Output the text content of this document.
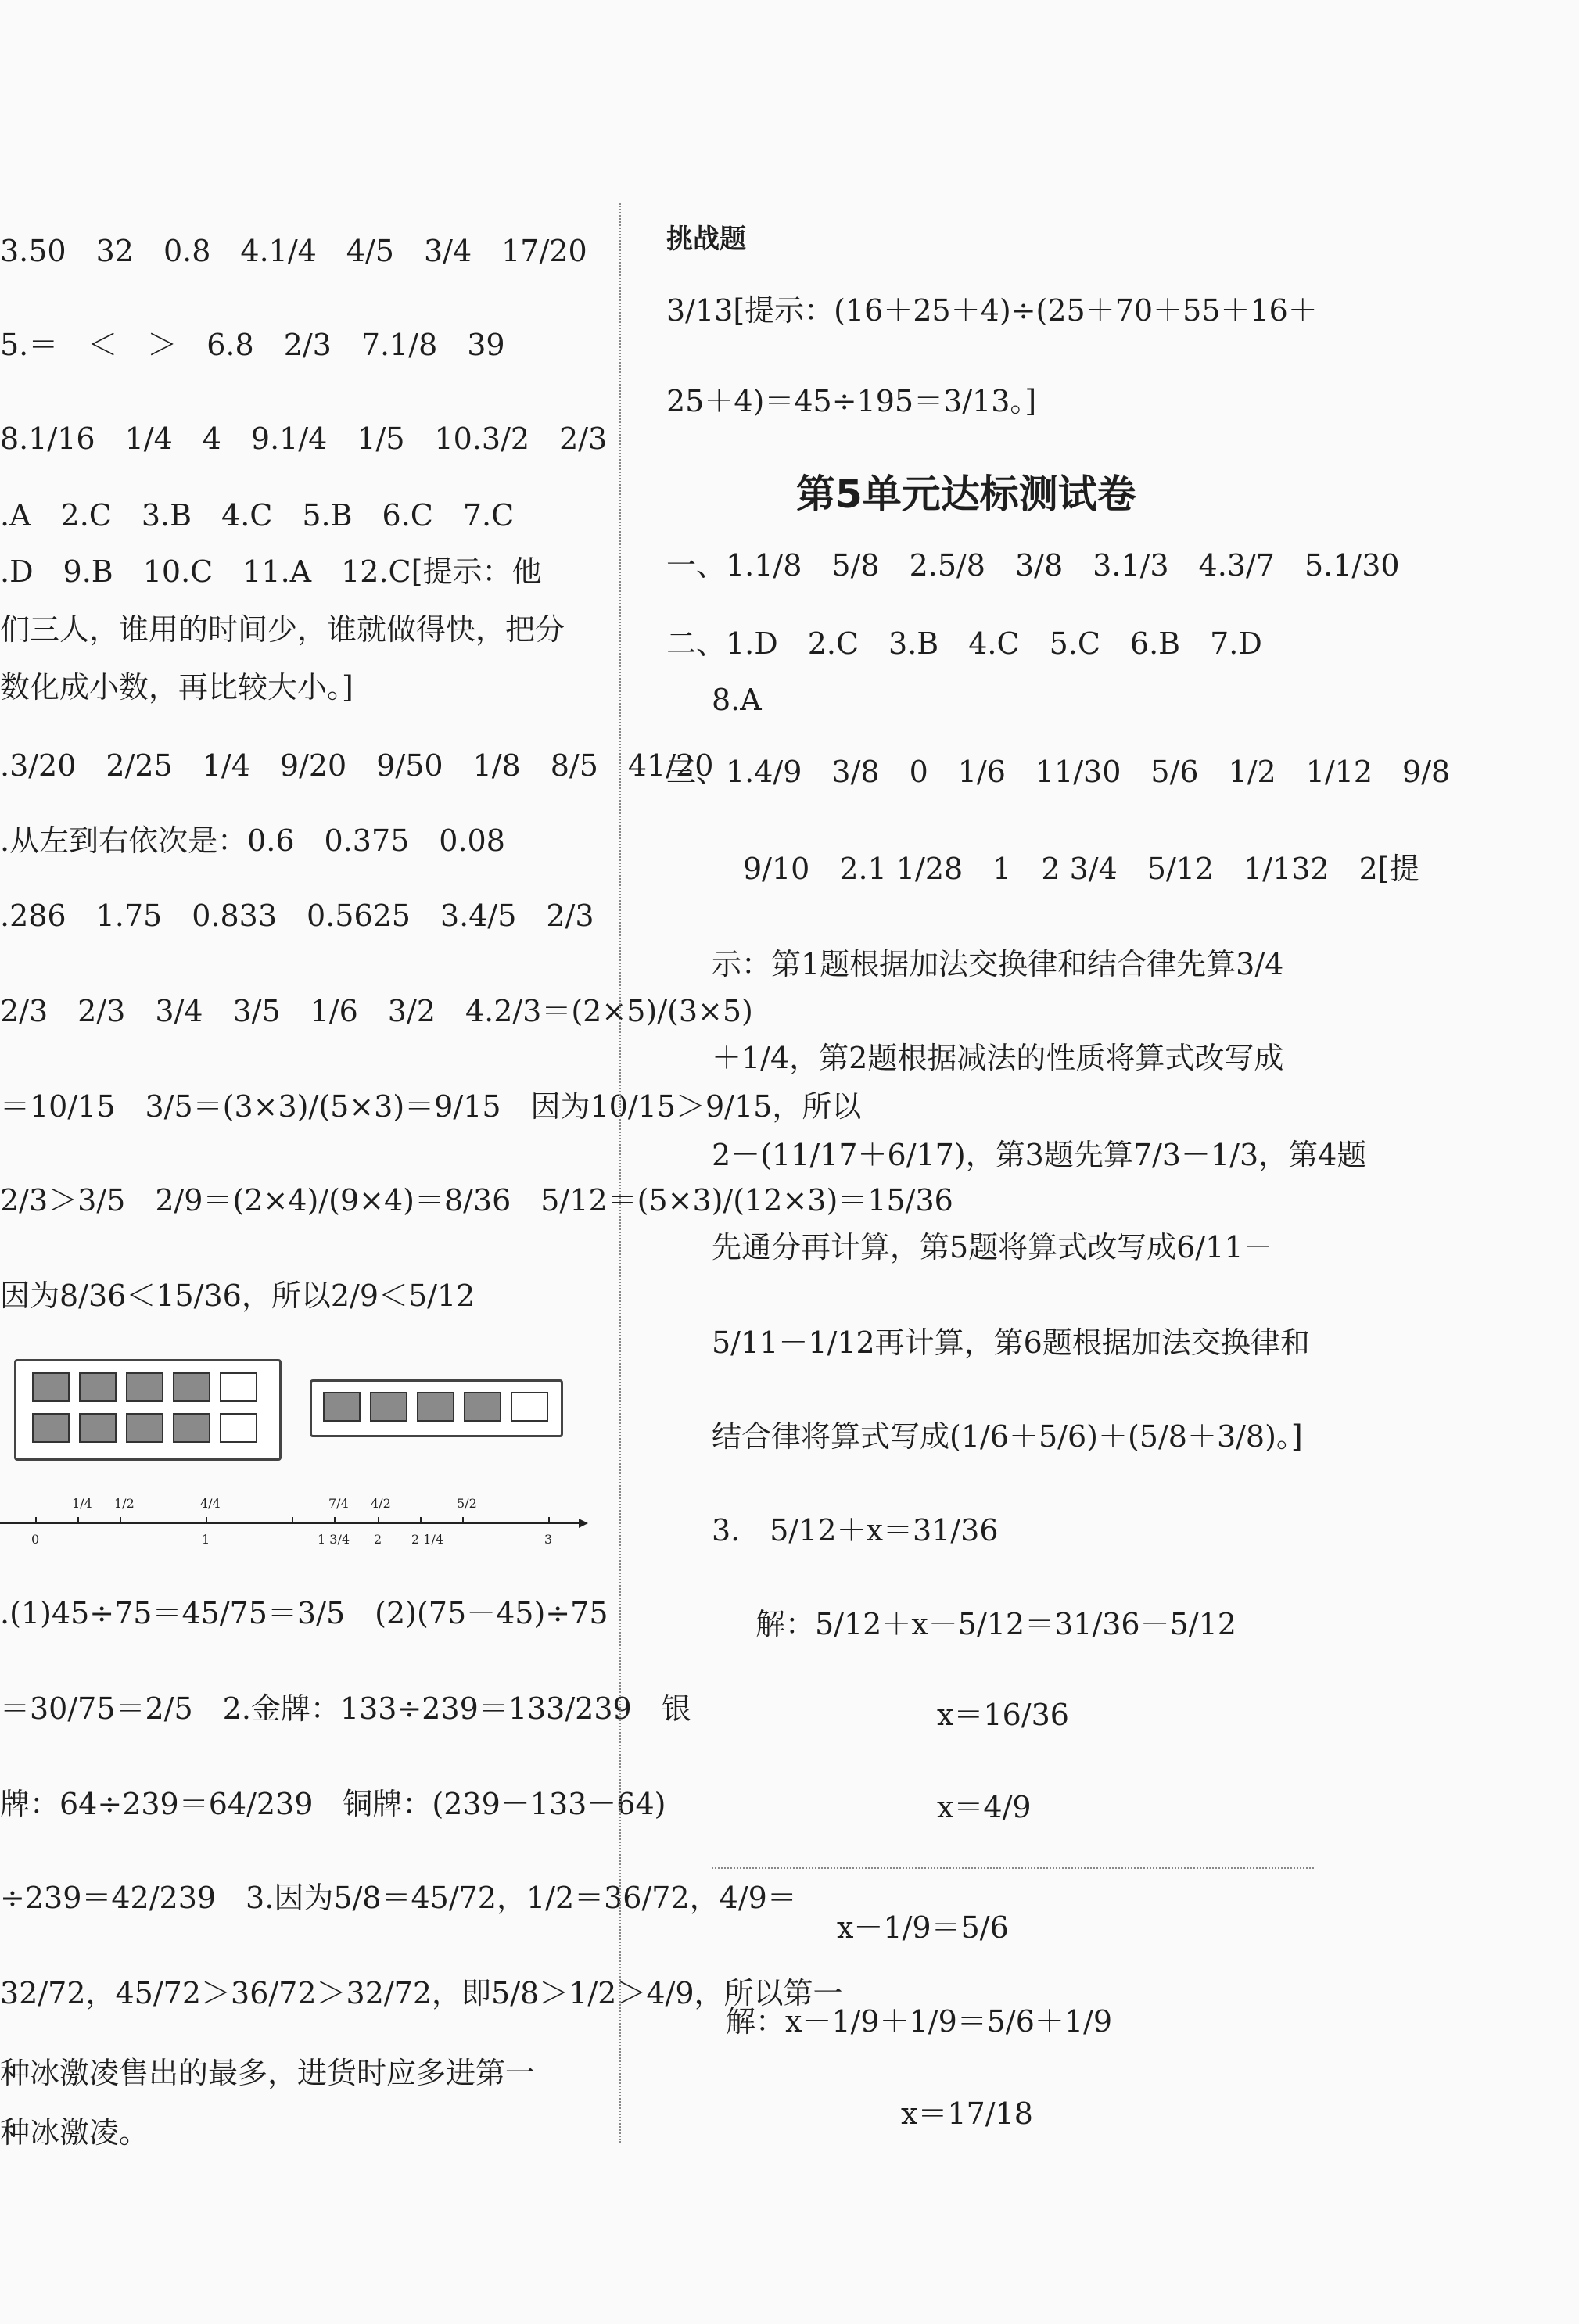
3.50　32　0.8　4.1/4　4/5　3/4　17/20
5.＝　＜　＞　6.8　2/3　7.1/8　39
8.1/16　1/4　4　9.1/4　1/5　10.3/2　2/3
.A　2.C　3.B　4.C　5.B　6.C　7.C
.D　9.B　10.C　11.A　12.C[提示：他
们三人，谁用的时间少，谁就做得快，把分
数化成小数，再比较大小。]
.3/20　2/25　1/4　9/20　9/50　1/8　8/5　41/20
.从左到右依次是：0.6　0.375　0.08
.286　1.75　0.833　0.5625　3.4/5　2/3
2/3　2/3　3/4　3/5　1/6　3/2　4.2/3＝(2×5)/(3×5)
＝10/15　3/5＝(3×3)/(5×3)＝9/15　因为10/15＞9/15，所以
2/3＞3/5　2/9＝(2×4)/(9×4)＝8/36　5/12＝(5×3)/(12×3)＝15/36
因为8/36＜15/36，所以2/9＜5/12
1/4 1/2	4/4	7/4 4/2	5/2
0	1	1 3/4 2 2 1/4	3
.(1)45÷75＝45/75＝3/5　(2)(75－45)÷75
＝30/75＝2/5　2.金牌：133÷239＝133/239　银
牌：64÷239＝64/239　铜牌：(239－133－64)
÷239＝42/239　3.因为5/8＝45/72，1/2＝36/72，4/9＝
32/72，45/72＞36/72＞32/72，即5/8＞1/2＞4/9，所以第一
种冰激凌售出的最多，进货时应多进第一
种冰激凌。
挑战题
3/13[提示：(16＋25＋4)÷(25＋70＋55＋16＋
25＋4)＝45÷195＝3/13。]
第5单元达标测试卷
一、1.1/8　5/8　2.5/8　3/8　3.1/3　4.3/7　5.1/30
二、1.D　2.C　3.B　4.C　5.C　6.B　7.D
8.A
三、1.4/9　3/8　0　1/6　11/30　5/6　1/2　1/12　9/8
9/10　2.1 1/28　1　2 3/4　5/12　1/132　2[提
示：第1题根据加法交换律和结合律先算3/4
＋1/4，第2题根据减法的性质将算式改写成
2－(11/17＋6/17)，第3题先算7/3－1/3，第4题
先通分再计算，第5题将算式改写成6/11－
5/11－1/12再计算，第6题根据加法交换律和
结合律将算式写成(1/6＋5/6)＋(5/8＋3/8)。]
3.　5/12＋x＝31/36
解：5/12＋x－5/12＝31/36－5/12
x＝16/36
x＝4/9
x－1/9＝5/6
解：x－1/9＋1/9＝5/6＋1/9
x＝17/18
